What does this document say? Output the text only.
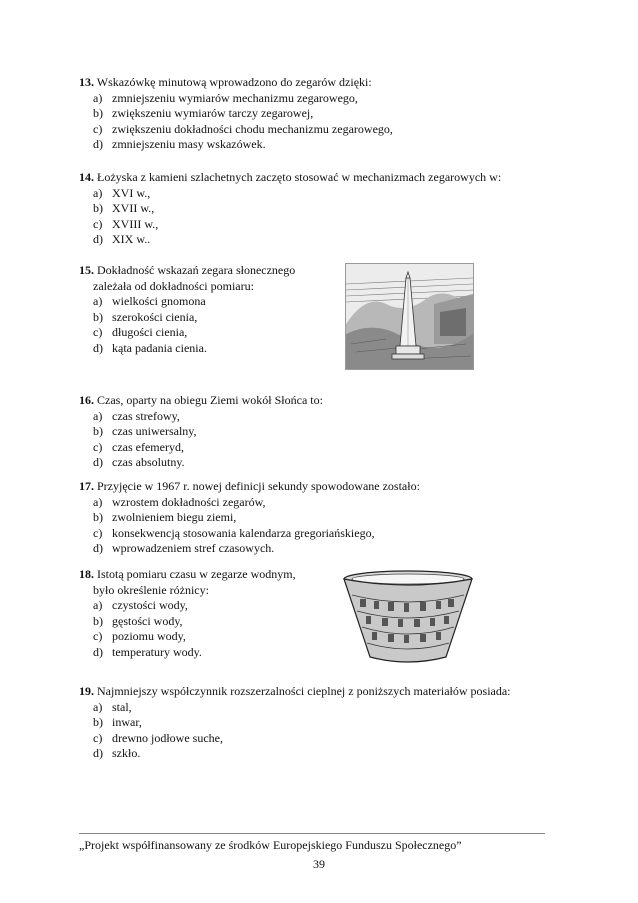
13. Wskazówkę minutową wprowadzono do zegarów dzięki:
a) zmniejszeniu wymiarów mechanizmu zegarowego,
b) zwiększeniu wymiarów tarczy zegarowej,
c) zwiększeniu dokładności chodu mechanizmu zegarowego,
d) zmniejszeniu masy wskazówek.
14. Łożyska z kamieni szlachetnych zaczęto stosować w mechanizmach zegarowych w:
a) XVI w.,
b) XVII w.,
c) XVIII w.,
d) XIX w..
15. Dokładność wskazań zegara słonecznego
zależała od dokładności pomiaru:
a) wielkości gnomona
b) szerokości cienia,
c) długości cienia,
d) kąta padania cienia.
16. Czas, oparty na obiegu Ziemi wokół Słońca to:
a) czas strefowy,
b) czas uniwersalny,
c) czas efemeryd,
d) czas absolutny.
17. Przyjęcie w 1967 r. nowej definicji sekundy spowodowane zostało:
a) wzrostem dokładności zegarów,
b) zwolnieniem biegu ziemi,
c) konsekwencją stosowania kalendarza gregoriańskiego,
d) wprowadzeniem stref czasowych.
18. Istotą pomiaru czasu w zegarze wodnym,
było określenie różnicy:
a) czystości wody,
b) gęstości wody,
c) poziomu wody,
d) temperatury wody.
19. Najmniejszy współczynnik rozszerzalności cieplnej z poniższych materiałów posiada:
a) stal,
b) inwar,
c) drewno jodłowe suche,
d) szkło.
„Projekt współfinansowany ze środków Europejskiego Funduszu Społecznego”
39
